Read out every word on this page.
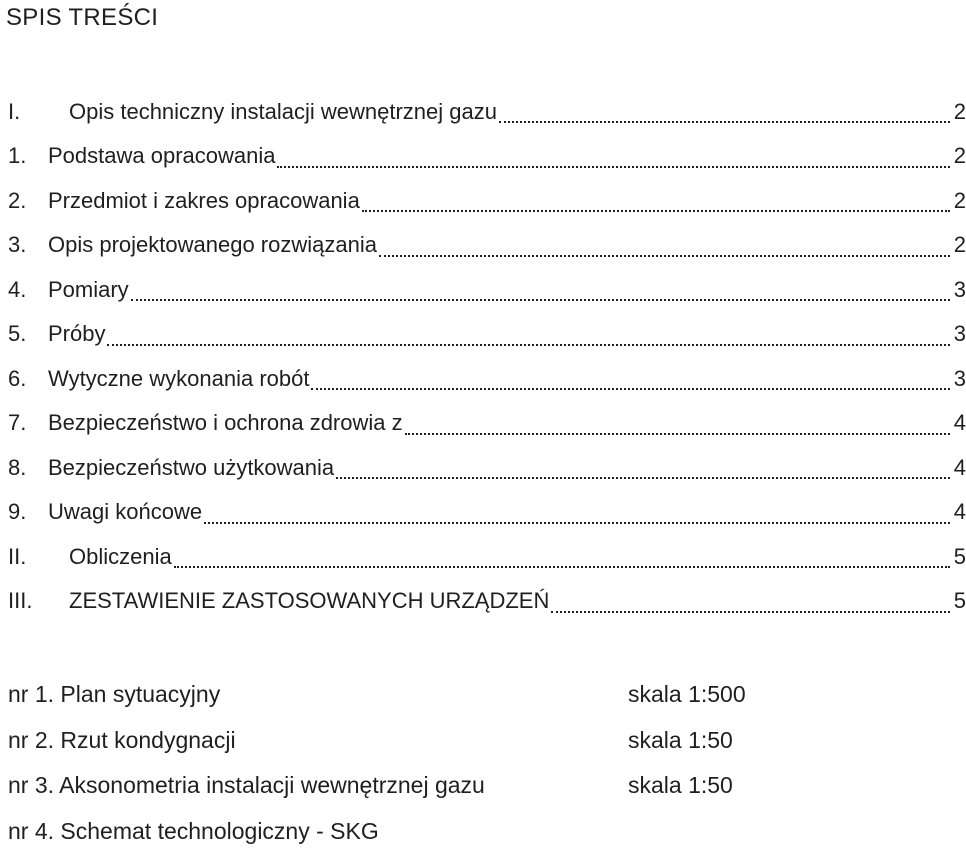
SPIS TREŚCI
I.	Opis techniczny instalacji wewnętrznej gazu	2
1. Podstawa opracowania	2
2. Przedmiot i zakres opracowania	2
3. Opis projektowanego rozwiązania	2
4. Pomiary	3
5. Próby	3
6. Wytyczne wykonania robót	3
7. Bezpieczeństwo i ochrona zdrowia z	4
8. Bezpieczeństwo użytkowania	4
9. Uwagi końcowe	4
II.	Obliczenia	5
III.	ZESTAWIENIE ZASTOSOWANYCH URZĄDZEŃ	5
nr 1. Plan sytuacyjny	skala 1:500
nr 2. Rzut kondygnacji	skala 1:50
nr 3. Aksonometria instalacji wewnętrznej gazu	skala 1:50
nr 4. Schemat technologiczny - SKG
